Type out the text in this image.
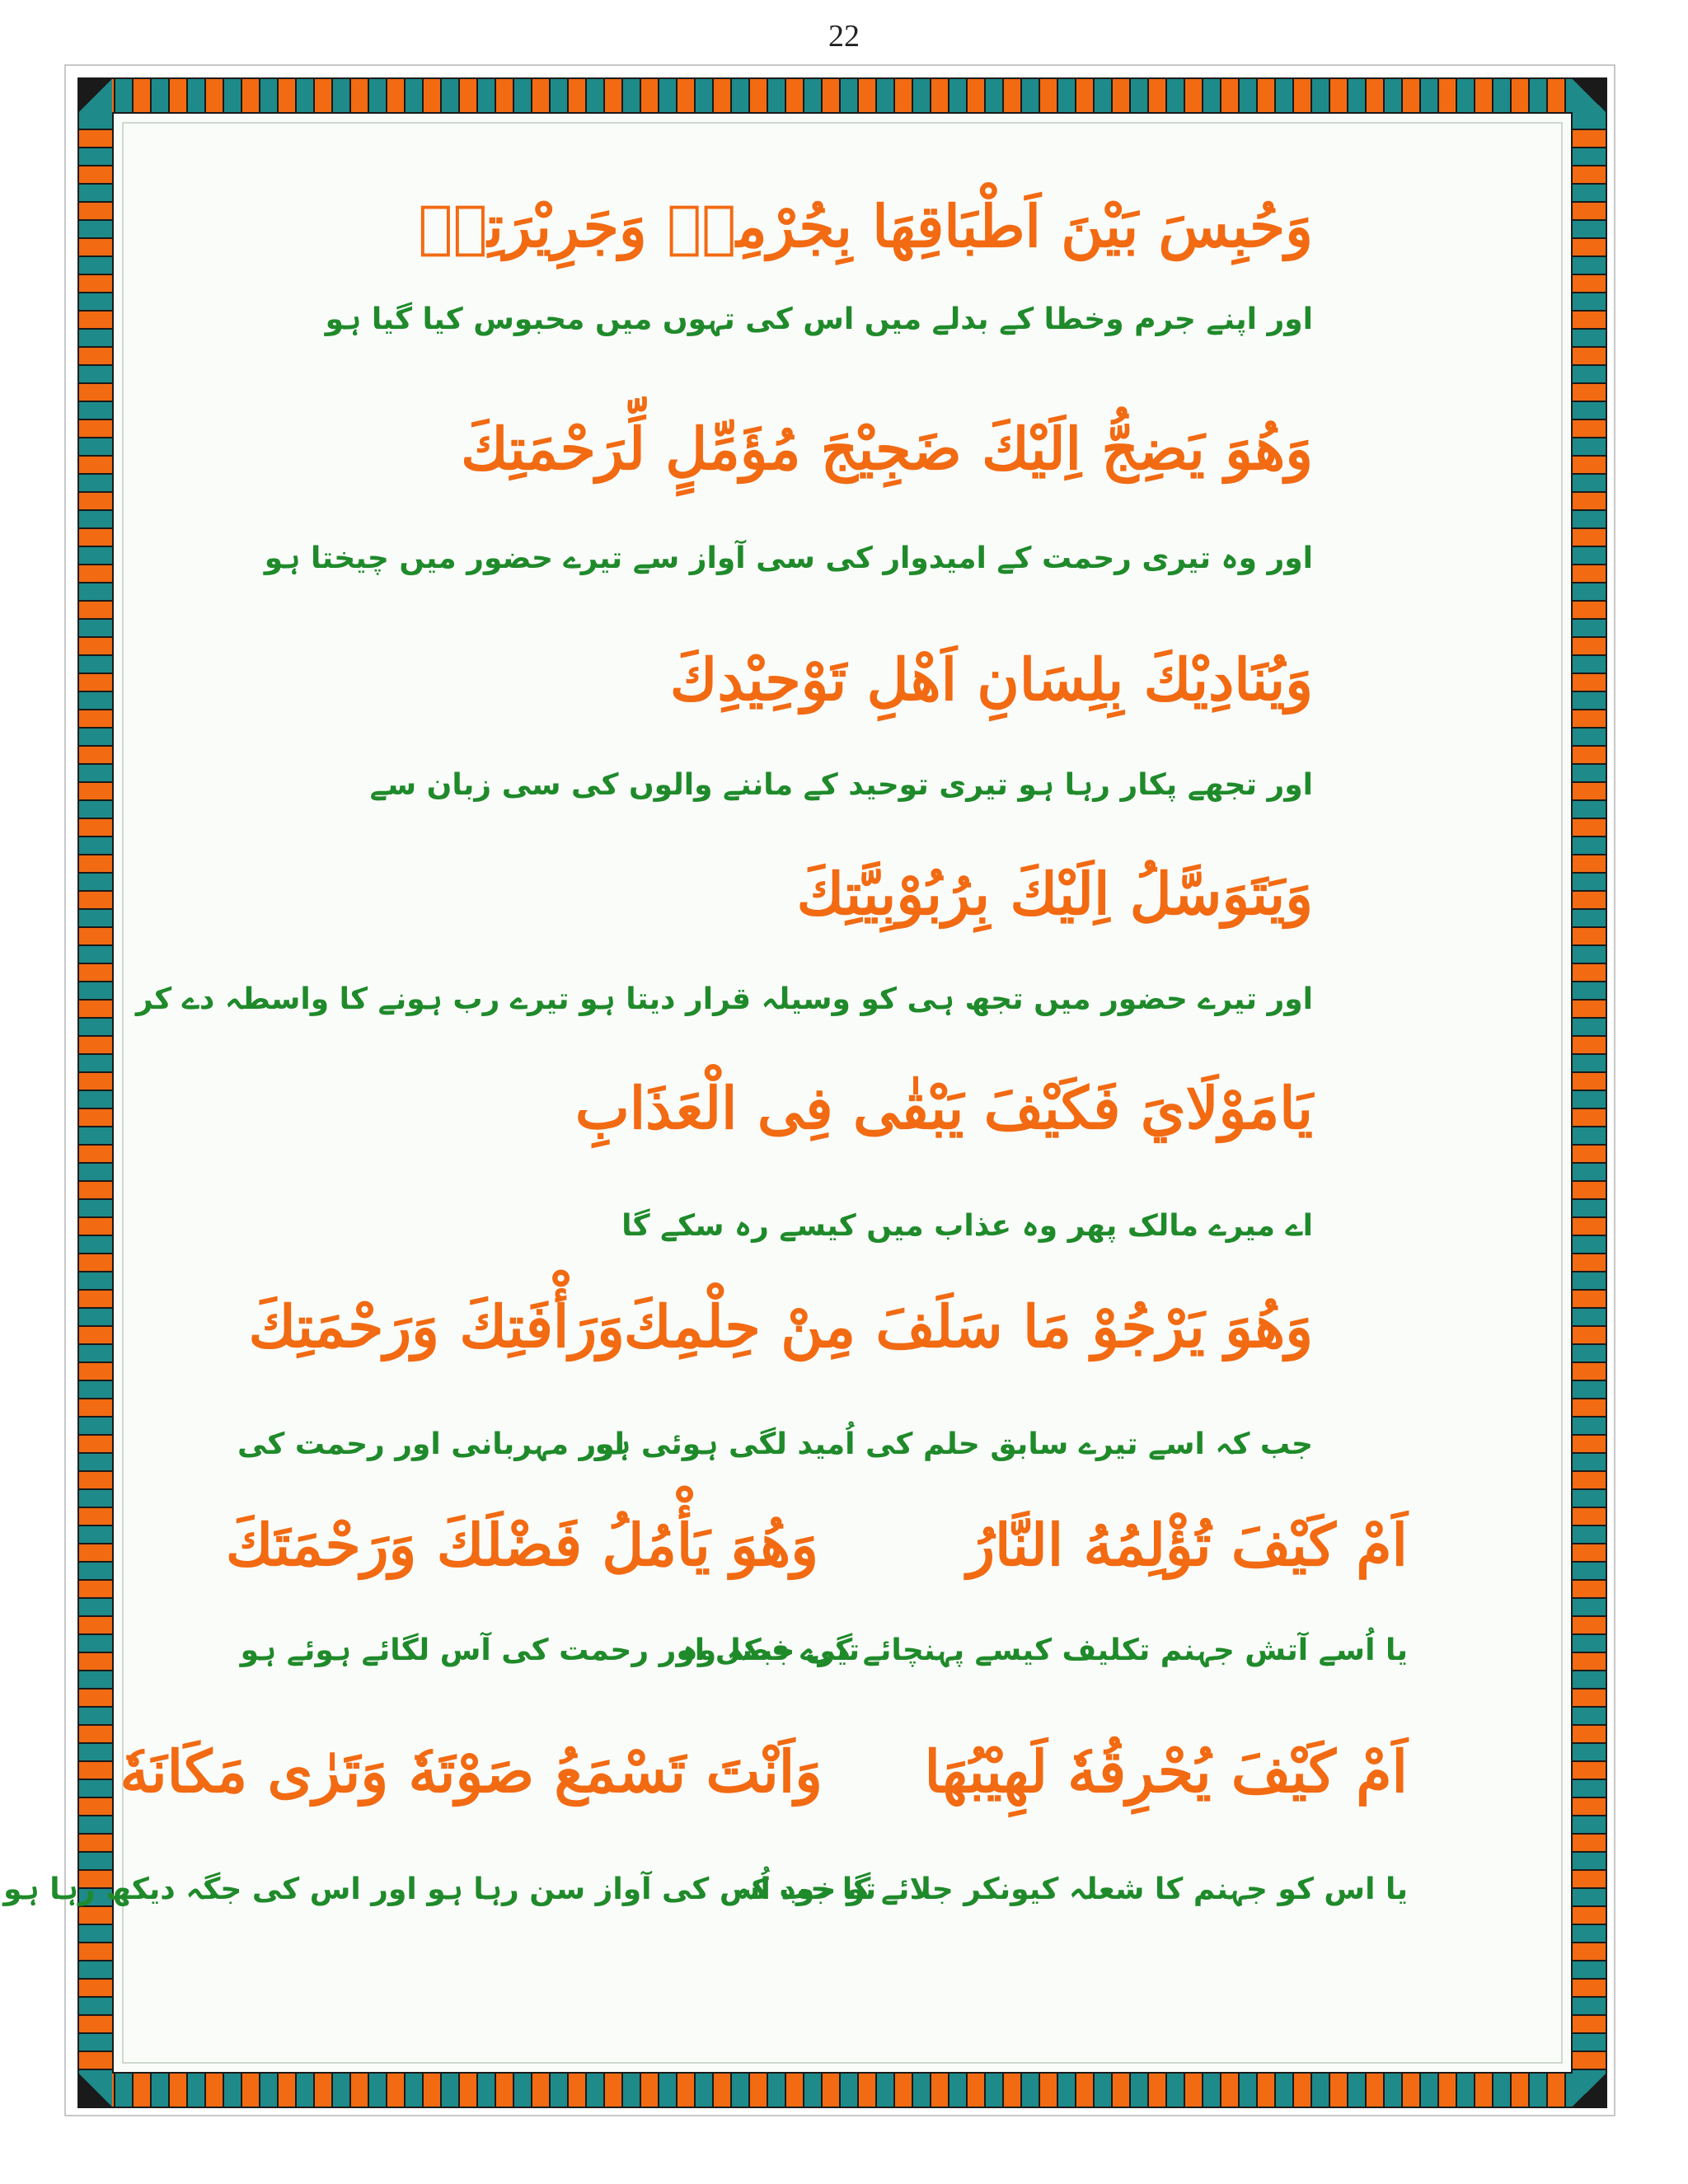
22
وَحُبِسَ بَيْنَ اَطْبَاقِهَا بِجُرْمِهٖ وَجَرِيْرَتِهٖ
اور اپنے جرم وخطا کے بدلے میں اس کی تہوں میں محبوس کیا گیا ہو
وَهُوَ يَضِجُّ اِلَيْكَ ضَجِيْجَ مُؤَمِّلٍ لِّرَحْمَتِكَ
اور وہ تیری رحمت کے امیدوار کی سی آواز سے تیرے حضور میں چیختا ہو
وَيُنَادِيْكَ بِلِسَانِ اَهْلِ تَوْحِيْدِكَ
اور تجھے پکار رہا ہو تیری توحید کے ماننے والوں کی سی زبان سے
وَيَتَوَسَّلُ اِلَيْكَ بِرُبُوْبِيَّتِكَ
اور تیرے حضور میں تجھ ہی کو وسیلہ قرار دیتا ہو تیرے رب ہونے کا واسطہ دے کر
يَامَوْلَايَ فَكَيْفَ يَبْقٰى فِى الْعَذَابِ
اے میرے مالک پھر وہ عذاب میں کیسے رہ سکے گا
وَهُوَ يَرْجُوْ مَا سَلَفَ مِنْ حِلْمِكَ
وَرَأْفَتِكَ وَرَحْمَتِكَ
جب کہ اسے تیرے سابق حلم کی اُمید لگی ہوئی ہو
اور مہربانی اور رحمت کی
اَمْ كَيْفَ تُؤْلِمُهُ النَّارُ
وَهُوَ يَأْمُلُ فَضْلَكَ وَرَحْمَتَكَ
یا اُسے آتش جہنم تکلیف کیسے پہنچائے گی جبکہ وہ
تیرے فضل اور رحمت کی آس لگائے ہوئے ہو
اَمْ كَيْفَ يُحْرِقُهٗ لَهِيْبُهَا
وَاَنْتَ تَسْمَعُ صَوْتَهٗ وَتَرٰى مَكَانَهٗ
یا اس کو جہنم کا شعلہ کیونکر جلائے گا جب کہ
تو خود اُس کی آواز سن رہا ہو اور اس کی جگہ دیکھ رہا ہو
